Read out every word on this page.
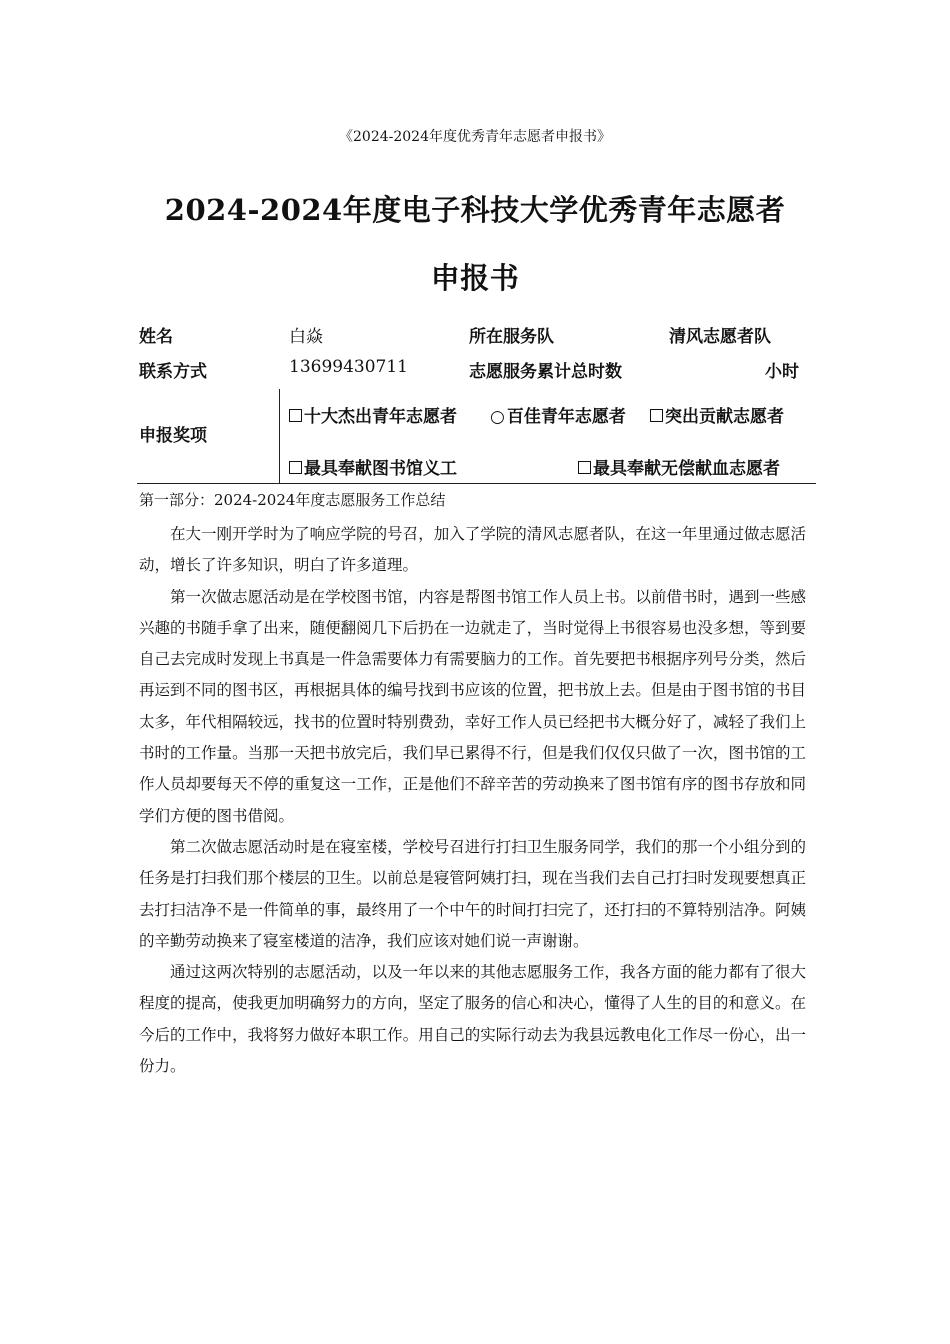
《2024-2024年度优秀青年志愿者申报书》
2024-2024年度电子科技大学优秀青年志愿者
申报书
姓名	白焱	所在服务队	清风志愿者队
联系方式	13699430711	志愿服务累计总时数	小时
申报奖项
十大杰出青年志愿者 ○ 百佳青年志愿者	突出贡献志愿者
最具奉献图书馆义工	最具奉献无偿献血志愿者
第一部分：2024-2024年度志愿服务工作总结

在大一刚开学时为了响应学院的号召，加入了学院的清风志愿者队，在这一年里通过做志愿活动，增长了许多知识，明白了许多道理。

第一次做志愿活动是在学校图书馆，内容是帮图书馆工作人员上书。以前借书时，遇到一些感兴趣的书随手拿了出来，随便翻阅几下后扔在一边就走了，当时觉得上书很容易也没多想，等到要自己去完成时发现上书真是一件急需要体力有需要脑力的工作。首先要把书根据序列号分类，然后再运到不同的图书区，再根据具体的编号找到书应该的位置，把书放上去。但是由于图书馆的书目太多，年代相隔较远，找书的位置时特别费劲，幸好工作人员已经把书大概分好了，减轻了我们上书时的工作量。当那一天把书放完后，我们早已累得不行，但是我们仅仅只做了一次，图书馆的工作人员却要每天不停的重复这一工作，正是他们不辞辛苦的劳动换来了图书馆有序的图书存放和同学们方便的图书借阅。

第二次做志愿活动时是在寝室楼，学校号召进行打扫卫生服务同学，我们的那一个小组分到的任务是打扫我们那个楼层的卫生。以前总是寝管阿姨打扫，现在当我们去自己打扫时发现要想真正去打扫洁净不是一件简单的事，最终用了一个中午的时间打扫完了，还打扫的不算特别洁净。阿姨的辛勤劳动换来了寝室楼道的洁净，我们应该对她们说一声谢谢。

通过这两次特别的志愿活动，以及一年以来的其他志愿服务工作，我各方面的能力都有了很大程度的提高，使我更加明确努力的方向，坚定了服务的信心和决心，懂得了人生的目的和意义。在今后的工作中，我将努力做好本职工作。用自己的实际行动去为我县远教电化工作尽一份心，出一份力。
